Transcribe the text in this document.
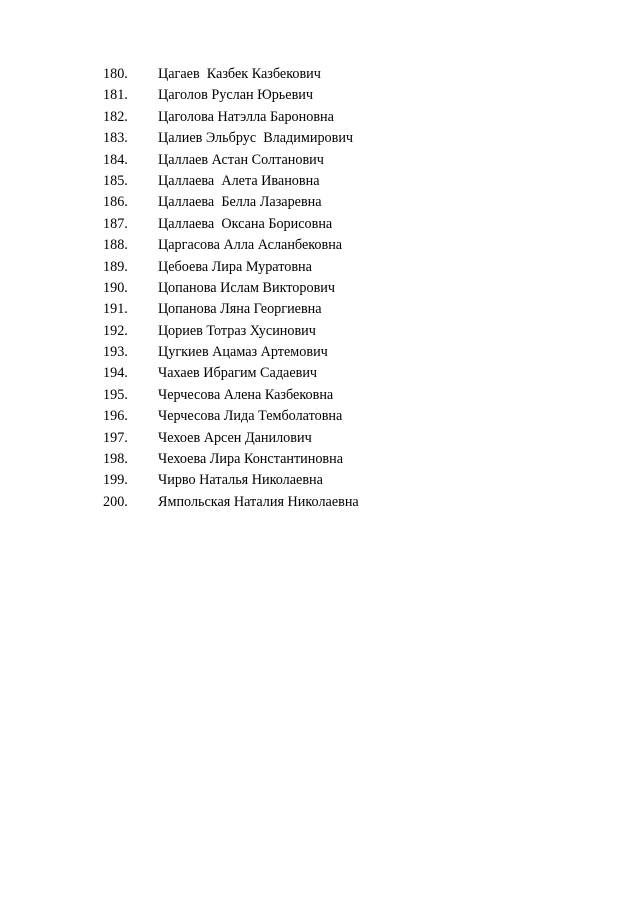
180. Цагаев  Казбек Казбекович
181. Цаголов Руслан Юрьевич
182. Цаголова Натэлла Бароновна
183. Цалиев Эльбрус  Владимирович
184. Цаллаев Астан Солтанович
185. Цаллаева  Алета Ивановна
186. Цаллаева  Белла Лазаревна
187. Цаллаева  Оксана Борисовна
188. Царгасова Алла Асланбековна
189. Цебоева Лира Муратовна
190. Цопанова Ислам Викторович
191. Цопанова Ляна Георгиевна
192. Цориев Тотраз Хусинович
193. Цугкиев Ацамаз Артемович
194. Чахаев Ибрагим Садаевич
195. Черчесова Алена Казбековна
196. Черчесова Лида Темболатовна
197. Чехоев Арсен Данилович
198. Чехоева Лира Константиновна
199. Чирво Наталья Николаевна
200. Ямпольская Наталия Николаевна
